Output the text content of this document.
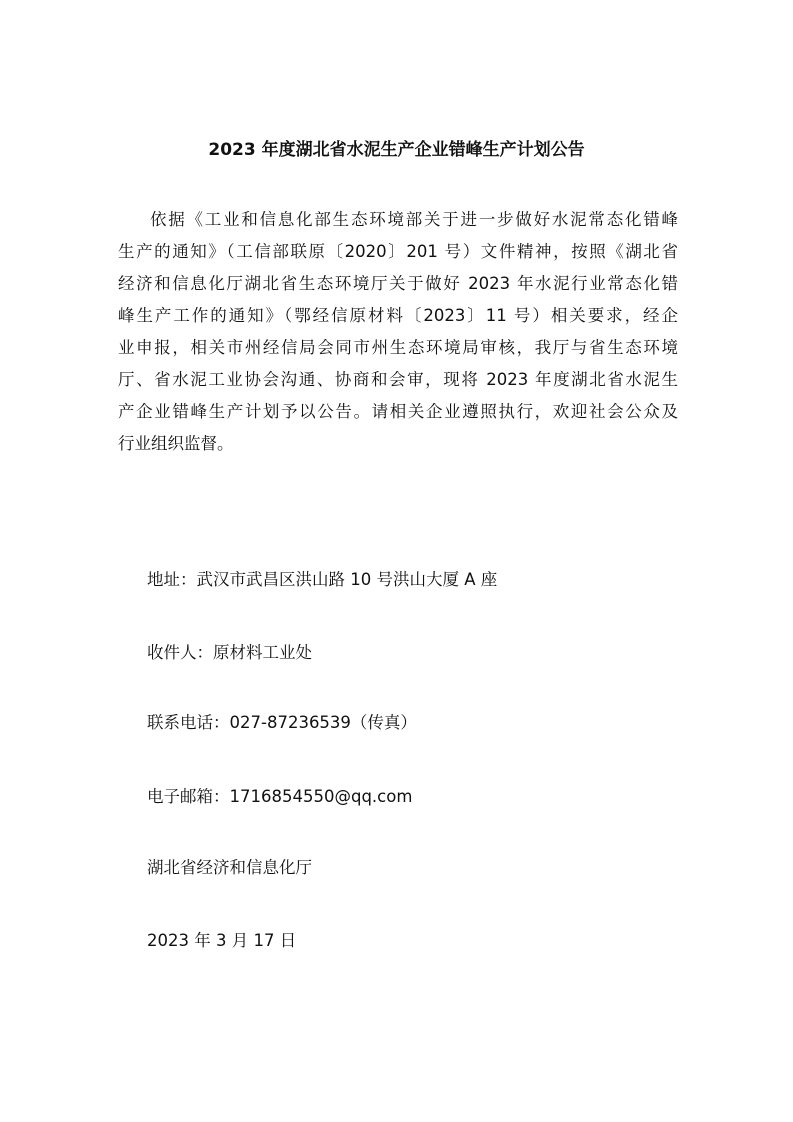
2023 年度湖北省水泥生产企业错峰生产计划公告
依据《工业和信息化部生态环境部关于进一步做好水泥常态化错峰
生产的通知》（工信部联原〔2020〕201 号）文件精神，按照《湖北省
经济和信息化厅湖北省生态环境厅关于做好 2023 年水泥行业常态化错
峰生产工作的通知》（鄂经信原材料〔2023〕11 号）相关要求，经企
业申报，相关市州经信局会同市州生态环境局审核，我厅与省生态环境
厅、省水泥工业协会沟通、协商和会审，现将 2023 年度湖北省水泥生
产企业错峰生产计划予以公告。请相关企业遵照执行，欢迎社会公众及
行业组织监督。
地址：武汉市武昌区洪山路 10 号洪山大厦 A 座
收件人：原材料工业处
联系电话：027-87236539（传真）
电子邮箱：1716854550@qq.com
湖北省经济和信息化厅
2023 年 3 月 17 日
